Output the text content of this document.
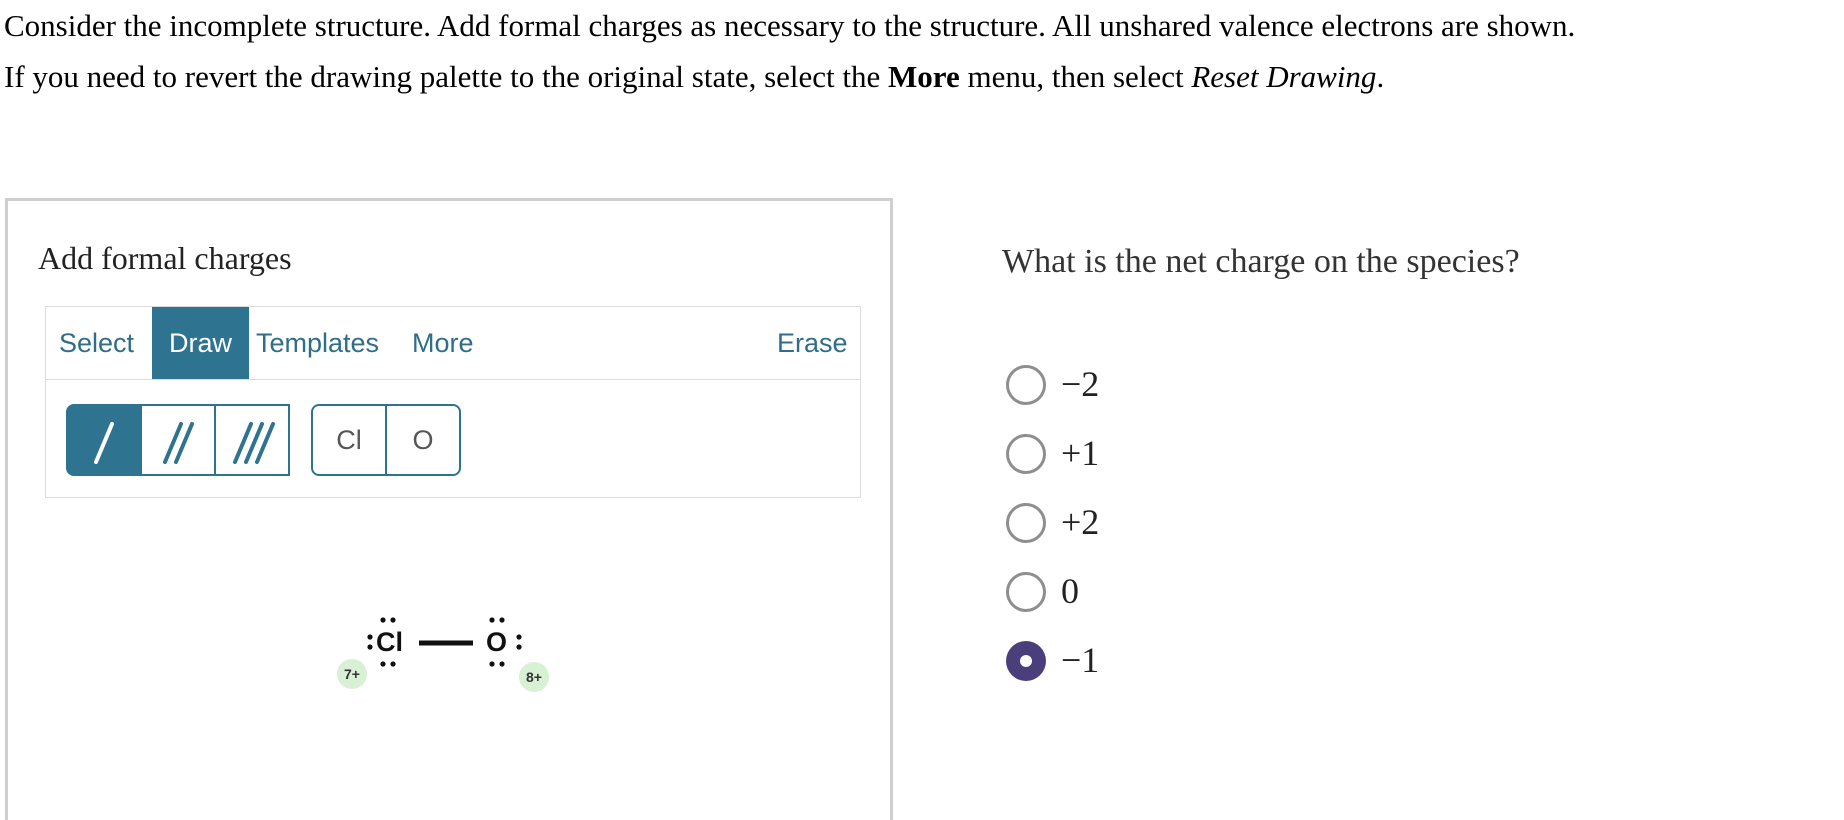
Consider the incomplete structure. Add formal charges as necessary to the structure. All unshared valence electrons are shown.

If you need to revert the drawing palette to the original state, select the More menu, then select Reset Drawing.

Add formal charges
Select	Draw Templates More	Erase
Cl	O
Cl	O
7+	8+
What is the net charge on the species?
−2
+1
+2
0
−1
